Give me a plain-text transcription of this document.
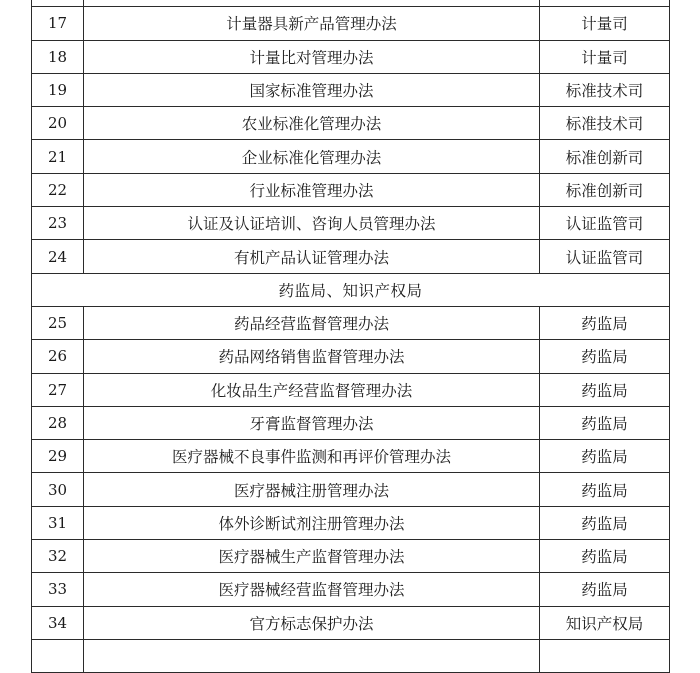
17	计量器具新产品管理办法	计量司
18	计量比对管理办法	计量司
19	国家标准管理办法	标准技术司
20	农业标准化管理办法	标准技术司
21	企业标准化管理办法	标准创新司
22	行业标准管理办法	标准创新司
23	认证及认证培训、咨询人员管理办法	认证监管司
24	有机产品认证管理办法	认证监管司
药监局、知识产权局		
25	药品经营监督管理办法	药监局
26	药品网络销售监督管理办法	药监局
27	化妆品生产经营监督管理办法	药监局
28	牙膏监督管理办法	药监局
29	医疗器械不良事件监测和再评价管理办法	药监局
30	医疗器械注册管理办法	药监局
31	体外诊断试剂注册管理办法	药监局
32	医疗器械生产监督管理办法	药监局
33	医疗器械经营监督管理办法	药监局
34	官方标志保护办法	知识产权局
